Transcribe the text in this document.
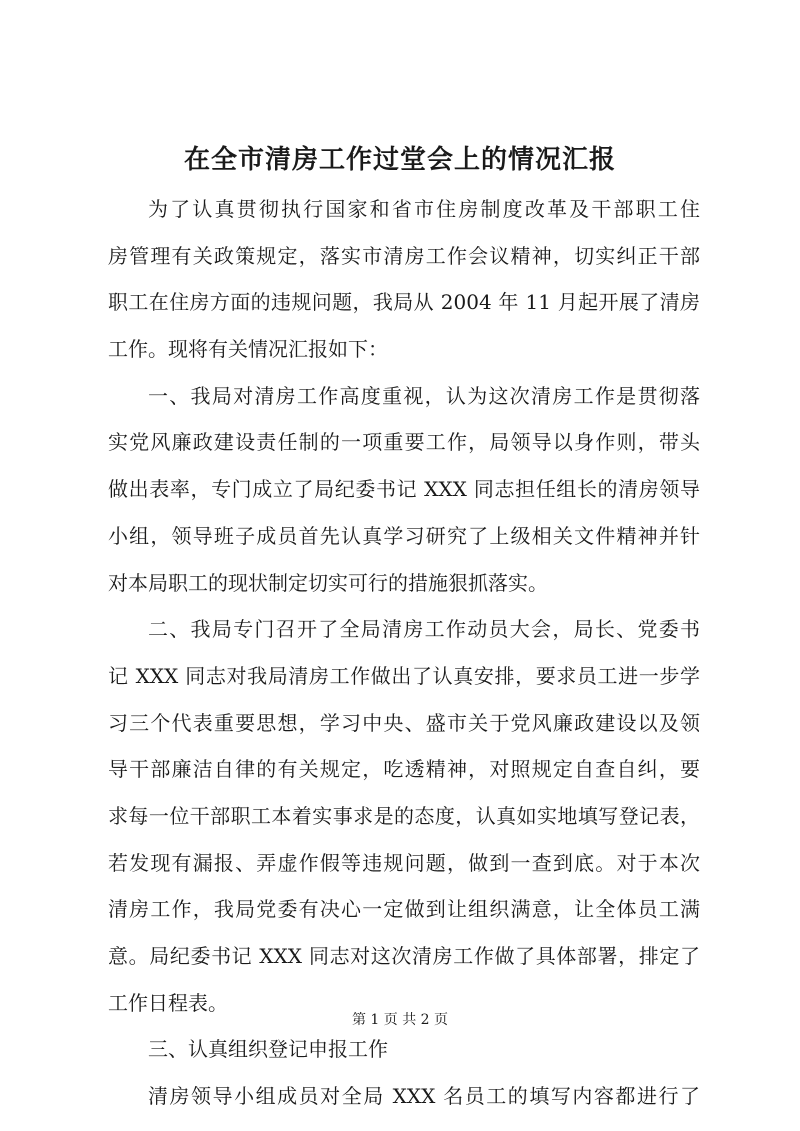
在全市清房工作过堂会上的情况汇报
为了认真贯彻执行国家和省市住房制度改革及干部职工住
房管理有关政策规定，落实市清房工作会议精神，切实纠正干部
职工在住房方面的违规问题，我局从 2004 年 11 月起开展了清房
工作。现将有关情况汇报如下：
一、我局对清房工作高度重视，认为这次清房工作是贯彻落
实党风廉政建设责任制的一项重要工作，局领导以身作则，带头
做出表率，专门成立了局纪委书记 XXX 同志担任组长的清房领导
小组，领导班子成员首先认真学习研究了上级相关文件精神并针
对本局职工的现状制定切实可行的措施狠抓落实。
二、我局专门召开了全局清房工作动员大会，局长、党委书
记 XXX 同志对我局清房工作做出了认真安排，要求员工进一步学
习三个代表重要思想，学习中央、盛市关于党风廉政建设以及领
导干部廉洁自律的有关规定，吃透精神，对照规定自查自纠，要
求每一位干部职工本着实事求是的态度，认真如实地填写登记表，
若发现有漏报、弄虚作假等违规问题，做到一查到底。对于本次
清房工作，我局党委有决心一定做到让组织满意，让全体员工满
意。局纪委书记 XXX 同志对这次清房工作做了具体部署，排定了
工作日程表。
三、认真组织登记申报工作
清房领导小组成员对全局 XXX 名员工的填写内容都进行了
第 1 页 共 2 页
